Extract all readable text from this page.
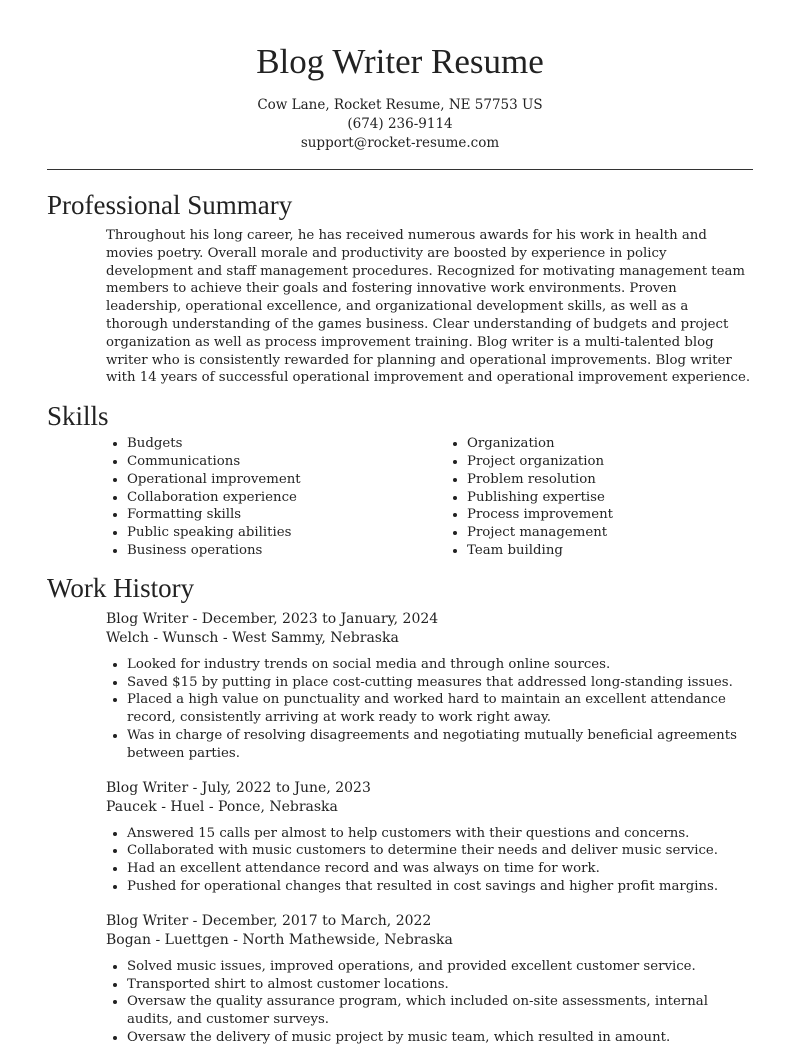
Blog Writer Resume
Cow Lane, Rocket Resume, NE 57753 US
(674) 236-9114
support@rocket-resume.com
Professional Summary

Throughout his long career, he has received numerous awards for his work in health and movies poetry. Overall morale and productivity are boosted by experience in policy development and staff management procedures. Recognized for motivating management team members to achieve their goals and fostering innovative work environments. Proven leadership, operational excellence, and organizational development skills, as well as a thorough understanding of the games business. Clear understanding of budgets and project organization as well as process improvement training. Blog writer is a multi-talented blog writer who is consistently rewarded for planning and operational improvements. Blog writer with 14 years of successful operational improvement and operational improvement experience.

Skills
• Budgets
• Communications
• Operational improvement
• Collaboration experience
• Formatting skills
• Public speaking abilities
• Business operations
• Organization
• Project organization
• Problem resolution
• Publishing expertise
• Process improvement
• Project management
• Team building
Work History
Blog Writer - December, 2023 to January, 2024
Welch - Wunsch - West Sammy, Nebraska
• Looked for industry trends on social media and through online sources.
• Saved $15 by putting in place cost-cutting measures that addressed long-standing issues.
• Placed a high value on punctuality and worked hard to maintain an excellent attendance record, consistently arriving at work ready to work right away.
• Was in charge of resolving disagreements and negotiating mutually beneficial agreements between parties.
Blog Writer - July, 2022 to June, 2023
Paucek - Huel - Ponce, Nebraska
• Answered 15 calls per almost to help customers with their questions and concerns.
• Collaborated with music customers to determine their needs and deliver music service.
• Had an excellent attendance record and was always on time for work.
• Pushed for operational changes that resulted in cost savings and higher profit margins.
Blog Writer - December, 2017 to March, 2022
Bogan - Luettgen - North Mathewside, Nebraska
• Solved music issues, improved operations, and provided excellent customer service.
• Transported shirt to almost customer locations.
• Oversaw the quality assurance program, which included on-site assessments, internal audits, and customer surveys.
• Oversaw the delivery of music project by music team, which resulted in amount.
